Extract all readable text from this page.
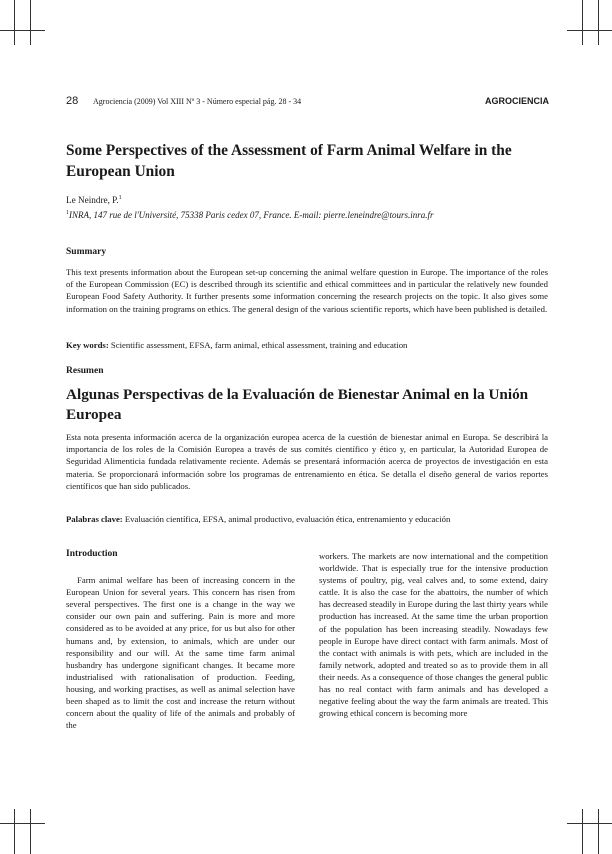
28 Agrociencia (2009) Vol XIII Nº 3 - Número especial pág. 28 - 34	AGROCIENCIA
Some Perspectives of the Assessment of Farm Animal Welfare in the European Union
Le Neindre, P.$^1$
$^1$INRA, 147 rue de l'Université, 75338 Paris cedex 07, France. E-mail: pierre.leneindre@tours.inra.fr
Summary

This text presents information about the European set-up concerning the animal welfare question in Europe. The importance of the roles of the European Commission (EC) is described through its scientific and ethical committees and in particular the relatively new founded European Food Safety Authority. It further presents some information concerning the research projects on the topic. It also gives some information on the training programs on ethics. The general design of the various scientific reports, which have been published is detailed.

Key words: Scientific assessment, EFSA, farm animal, ethical assessment, training and education
Resumen
Algunas Perspectivas de la Evaluación de Bienestar Animal en la Unión Europea

Esta nota presenta información acerca de la organización europea acerca de la cuestión de bienestar animal en Europa. Se describirá la importancia de los roles de la Comisión Europea a través de sus comités científico y ético y, en particular, la Autoridad Europea de Seguridad Alimenticia fundada relativamente reciente. Además se presentará información acerca de proyectos de investigación en esta materia. Se proporcionará información sobre los programas de entrenamiento en ética. Se detalla el diseño general de varios reportes científicos que han sido publicados.

Palabras clave: Evaluación científica, EFSA, animal productivo, evaluación ética, entrenamiento y educación
Introduction

Farm animal welfare has been of increasing concern in the European Union for several years. This concern has risen from several perspectives. The first one is a change in the way we consider our own pain and suffering. Pain is more and more considered as to be avoided at any price, for us but also for other humans and, by extension, to animals, which are under our responsibility and our will. At the same time farm animal husbandry has undergone significant changes. It became more industrialised with rationalisation of production. Feeding, housing, and working practises, as well as animal selection have been shaped as to limit the cost and increase the return without concern about the quality of life of the animals and probably of the

workers. The markets are now international and the competition worldwide. That is especially true for the intensive production systems of poultry, pig, veal calves and, to some extend, dairy cattle. It is also the case for the abattoirs, the number of which has decreased steadily in Europe during the last thirty years while production has increased. At the same time the urban proportion of the population has been increasing steadily. Nowadays few people in Europe have direct contact with farm animals. Most of the contact with animals is with pets, which are included in the family network, adopted and treated so as to provide them in all their needs. As a consequence of those changes the general public has no real contact with farm animals and has developed a negative feeling about the way the farm animals are treated. This growing ethical concern is becoming more
